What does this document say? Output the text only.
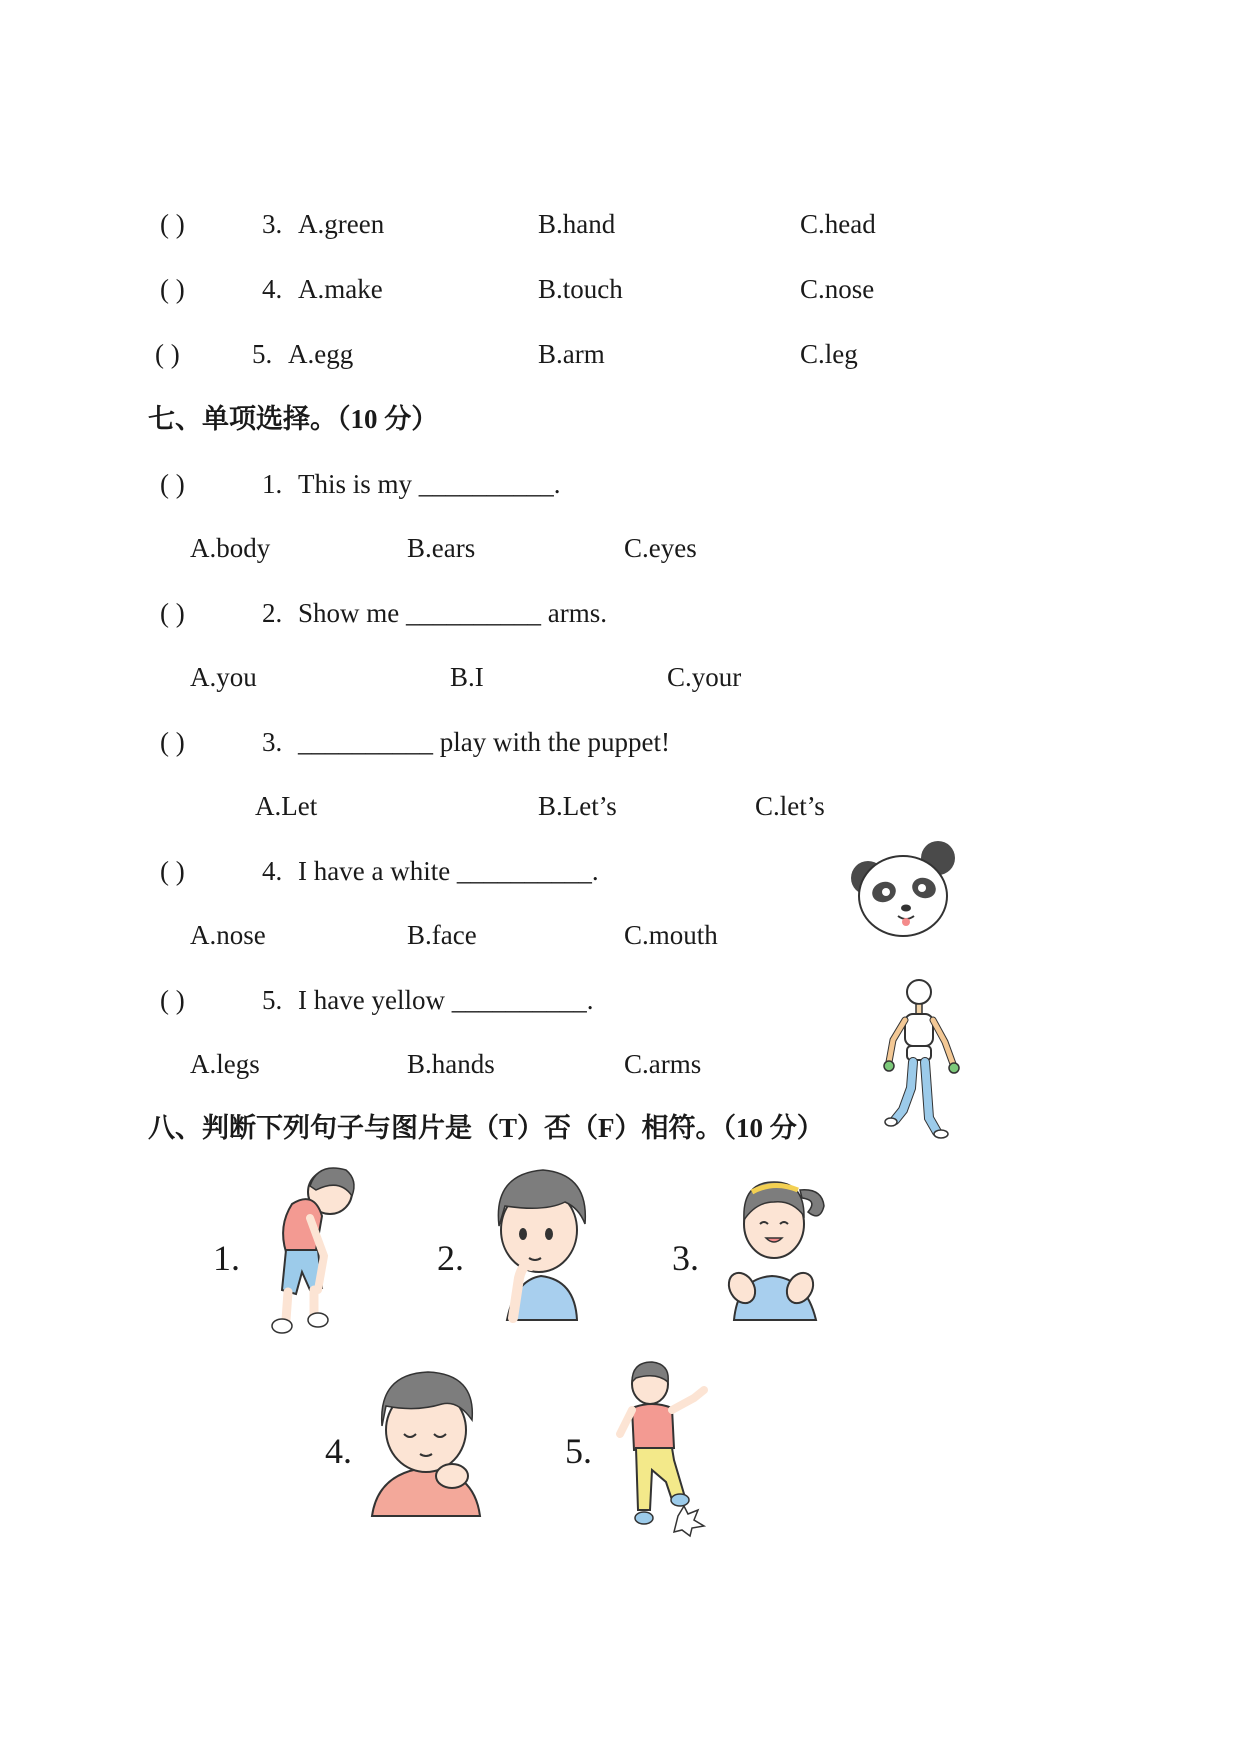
( )	3. A.green	B.hand	C.head
( )	4. A.make	B.touch	C.nose
( )	5. A.egg	B.arm	C.leg
七、单项选择。（10 分）
( )	1. This is my __________.
A.body	B.ears	C.eyes
( )	2. Show me __________ arms.
A.you	B.I	C.your
( )	3. __________ play with the puppet!
A.Let	B.Let’s	C.let’s
( )	4. I have a white __________.
A.nose	B.face	C.mouth
( )	5. I have yellow __________.
A.legs	B.hands	C.arms
八、判断下列句子与图片是（T）否（F）相符。（10 分）
1.	2.	3.
4.	5.
